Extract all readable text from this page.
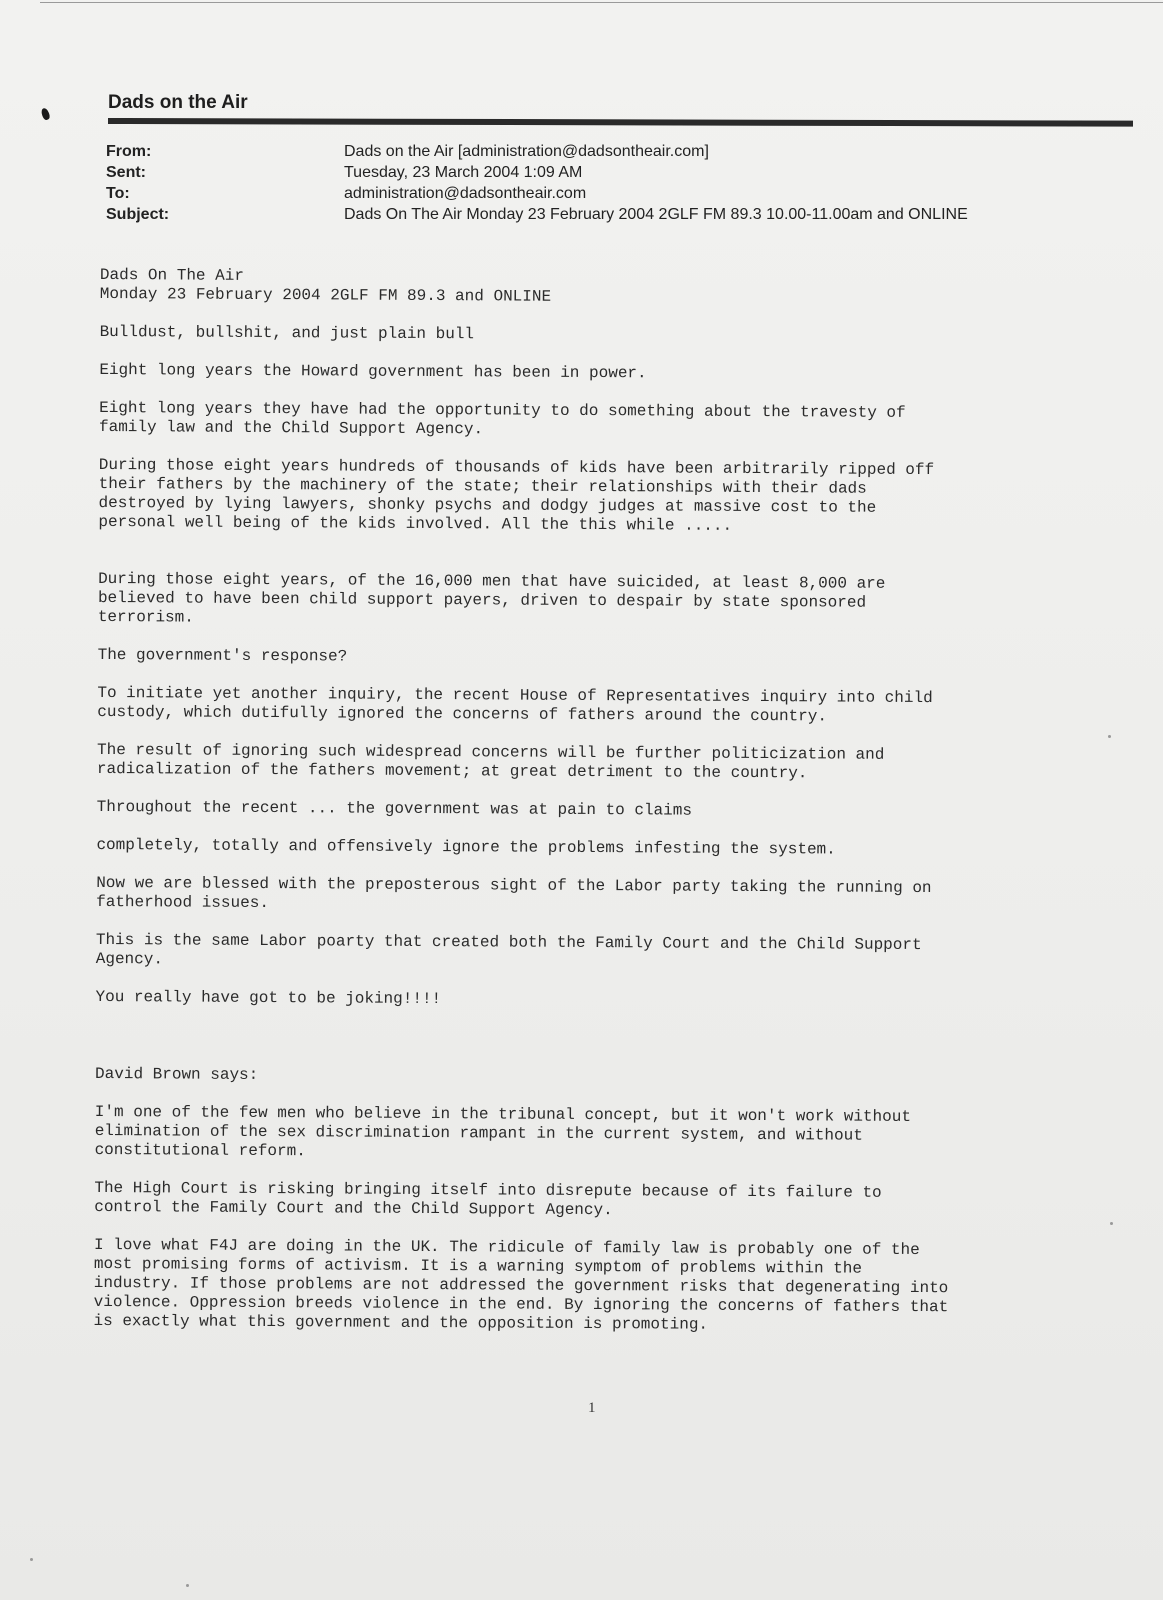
Dads on the Air
From:	Dads on the Air [administration@dadsontheair.com]
Sent:	Tuesday, 23 March 2004 1:09 AM
To:	administration@dadsontheair.com
Subject:	Dads On The Air Monday 23 February 2004 2GLF FM 89.3 10.00-11.00am and ONLINE

Dads On The Air
Monday 23 February 2004 2GLF FM 89.3 and ONLINE

Bulldust, bullshit, and just plain bull

Eight long years the Howard government has been in power.

Eight long years they have had the opportunity to do something about the travesty of
family law and the Child Support Agency.

During those eight years hundreds of thousands of kids have been arbitrarily ripped off
their fathers by the machinery of the state; their relationships with their dads
destroyed by lying lawyers, shonky psychs and dodgy judges at massive cost to the
personal well being of the kids involved. All the this while .....

During those eight years, of the 16,000 men that have suicided, at least 8,000 are
believed to have been child support payers, driven to despair by state sponsored
terrorism.

The government's response?

To initiate yet another inquiry, the recent House of Representatives inquiry into child
custody, which dutifully ignored the concerns of fathers around the country.

The result of ignoring such widespread concerns will be further politicization and
radicalization of the fathers movement; at great detriment to the country.

Throughout the recent ... the government was at pain to claims

completely, totally and offensively ignore the problems infesting the system.

Now we are blessed with the preposterous sight of the Labor party taking the running on
fatherhood issues.

This is the same Labor poarty that created both the Family Court and the Child Support
Agency.

You really have got to be joking!!!!

David Brown says:

I'm one of the few men who believe in the tribunal concept, but it won't work without
elimination of the sex discrimination rampant in the current system, and without
constitutional reform.

The High Court is risking bringing itself into disrepute because of its failure to
control the Family Court and the Child Support Agency.

I love what F4J are doing in the UK. The ridicule of family law is probably one of the
most promising forms of activism. It is a warning symptom of problems within the
industry. If those problems are not addressed the government risks that degenerating into
violence. Oppression breeds violence in the end. By ignoring the concerns of fathers that
is exactly what this government and the opposition is promoting.

1
